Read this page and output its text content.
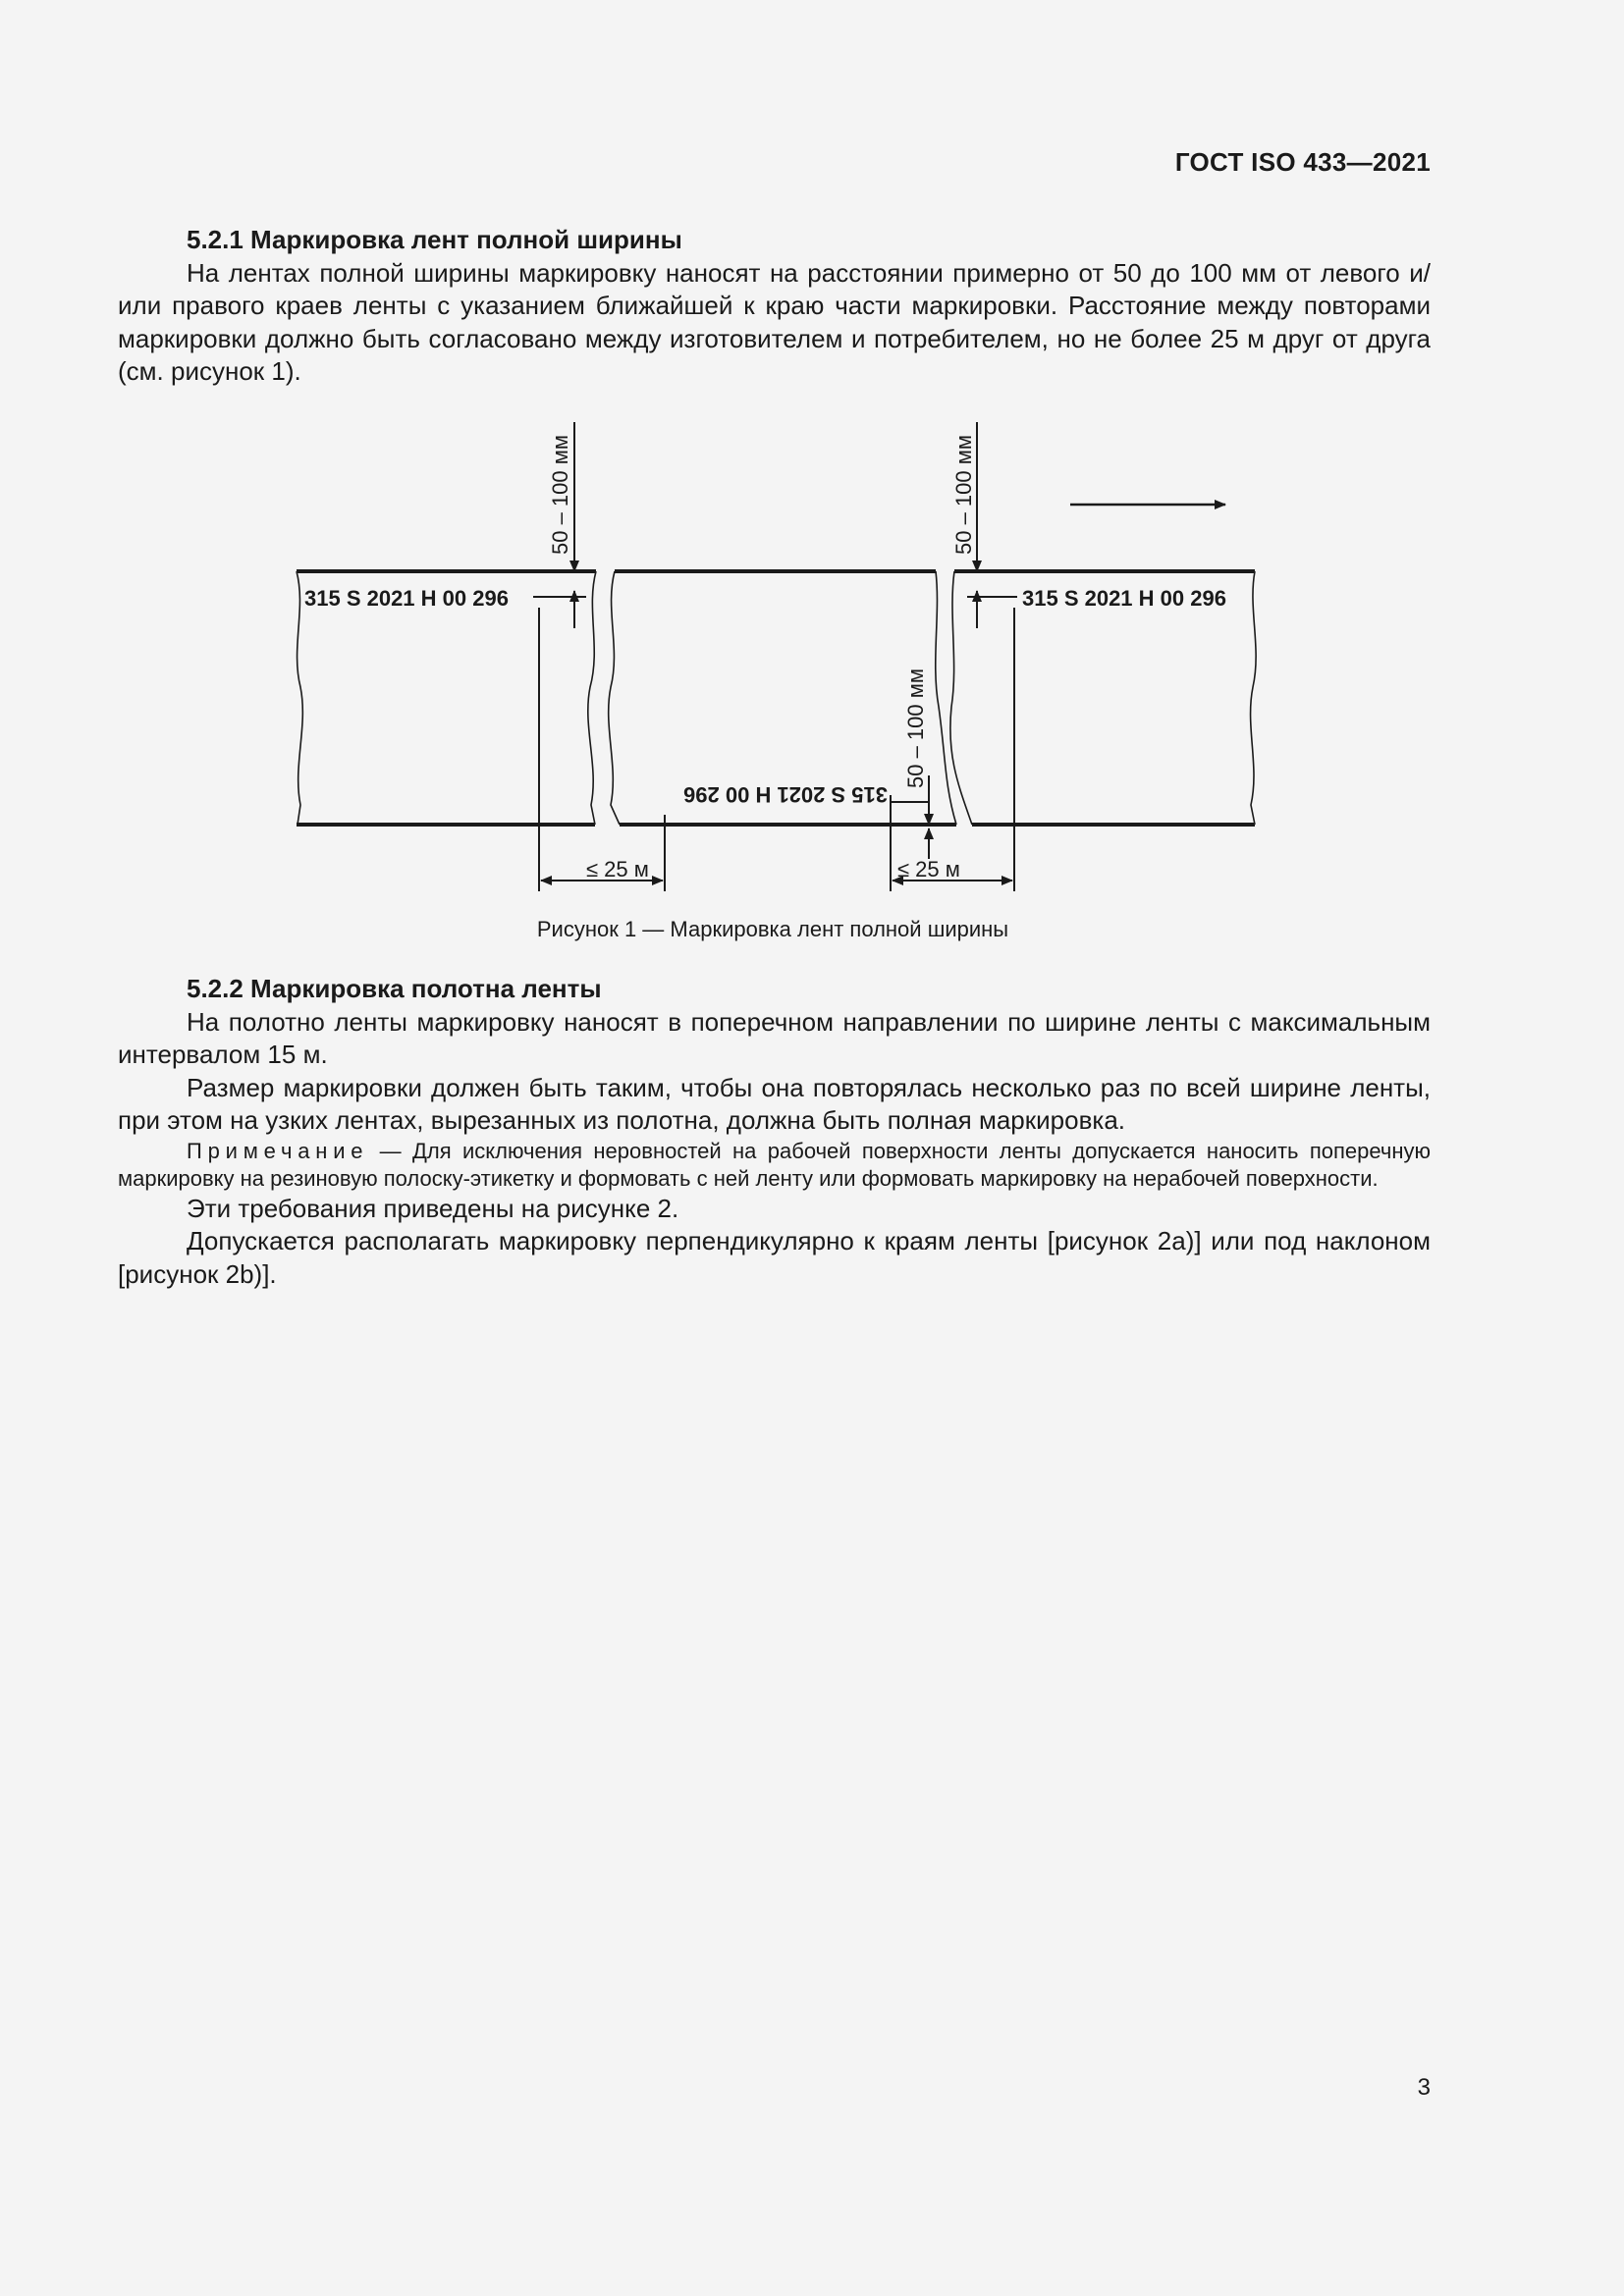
ГОСТ ISO 433—2021
5.2.1 Маркировка лент полной ширины

На лентах полной ширины маркировку наносят на расстоянии примерно от 50 до 100 мм от левого и/или правого краев ленты с указанием ближайшей к краю части маркировки. Расстояние между повторами маркировки должно быть согласовано между изготовителем и потребителем, но не более 25 м друг от друга (см. рисунок 1).

50 – 100 мм
315 S 2021 H 00 296
50 – 100 мм
315 S 2021 H 00 296
315 S 2021 H 00 296
50 – 100 мм
≤ 25 м	≤ 25 м
Рисунок 1 — Маркировка лент полной ширины
5.2.2 Маркировка полотна ленты

На полотно ленты маркировку наносят в поперечном направлении по ширине ленты с максимальным интервалом 15 м.

Размер маркировки должен быть таким, чтобы она повторялась несколько раз по всей ширине ленты, при этом на узких лентах, вырезанных из полотна, должна быть полная маркировка.

Примечание — Для исключения неровностей на рабочей поверхности ленты допускается наносить поперечную маркировку на резиновую полоску-этикетку и формовать с ней ленту или формовать маркировку на нерабочей поверхности.

Эти требования приведены на рисунке 2.

Допускается располагать маркировку перпендикулярно к краям ленты [рисунок 2а)] или под наклоном [рисунок 2b)].

3
